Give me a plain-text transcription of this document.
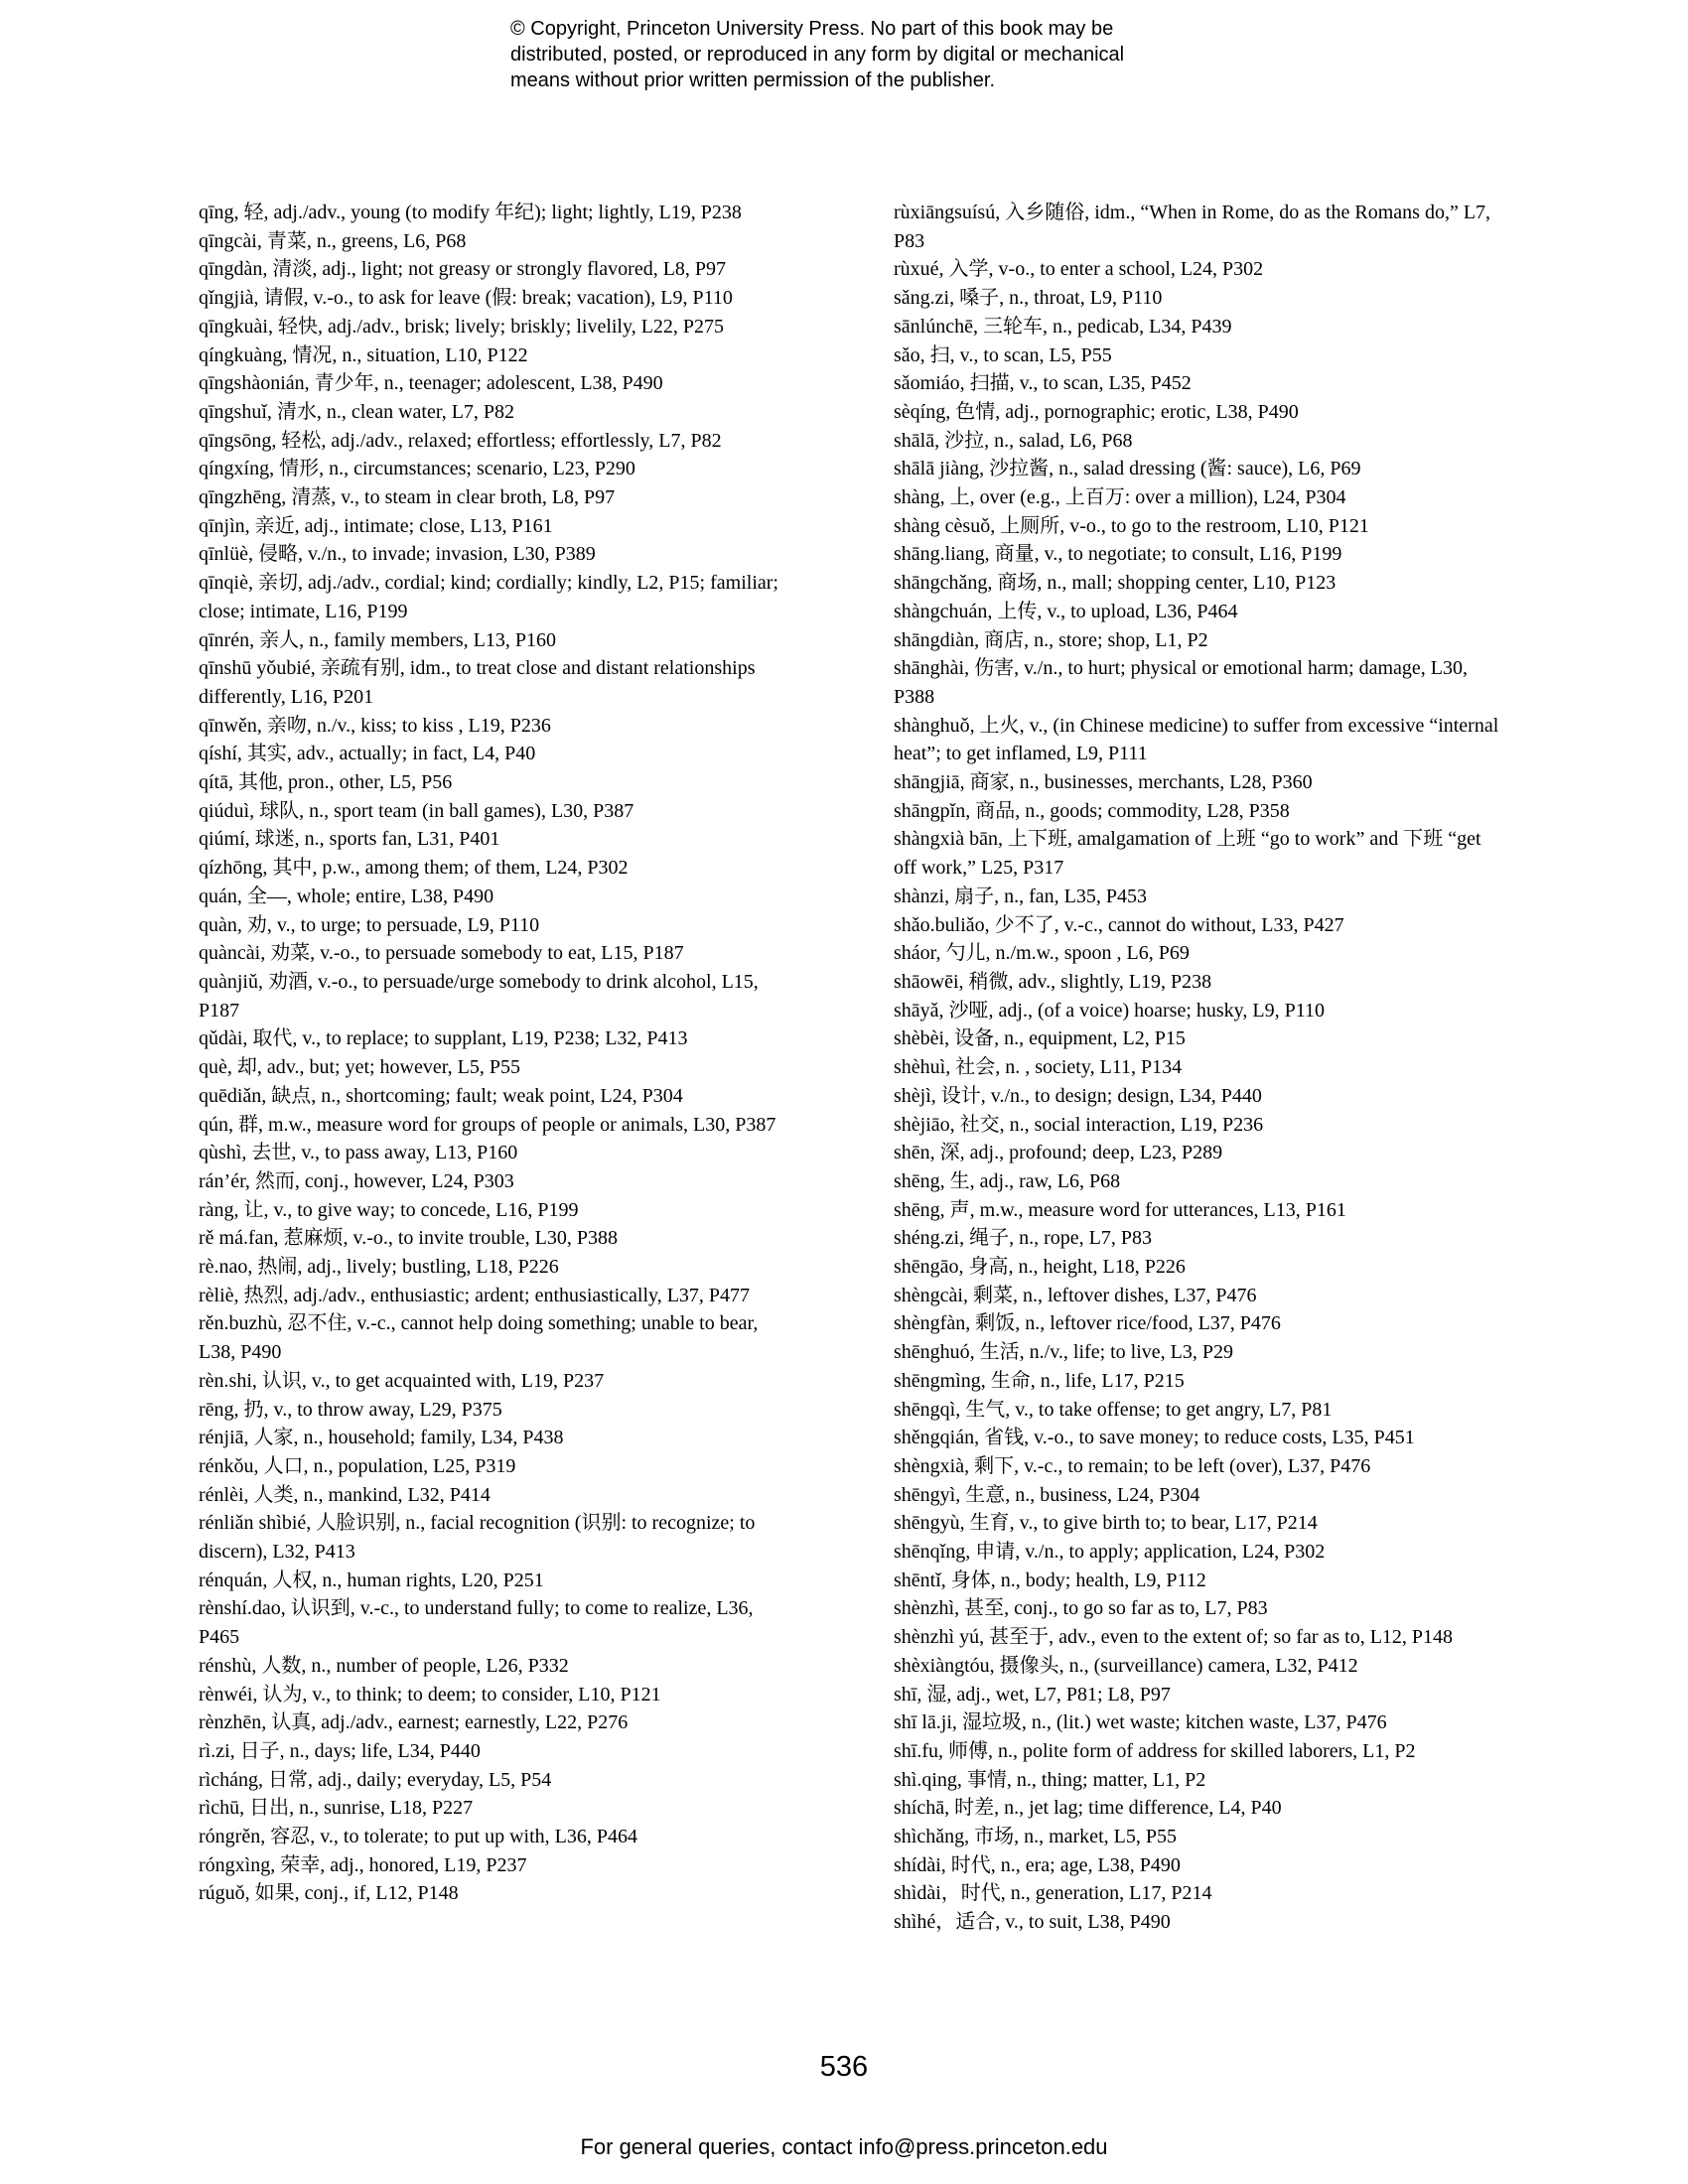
© Copyright, Princeton University Press. No part of this book may be
distributed, posted, or reproduced in any form by digital or mechanical
means without prior written permission of the publisher.

qīng, 轻, adj./adv., young (to modify 年纪); light; lightly, L19, P238

qīngcài, 青菜, n., greens, L6, P68

qīngdàn, 清淡, adj., light; not greasy or strongly flavored, L8, P97

qǐngjià, 请假, v.-o., to ask for leave (假: break; vacation), L9, P110

qīngkuài, 轻快, adj./adv., brisk; lively; briskly; livelily, L22, P275

qíngkuàng, 情况, n., situation, L10, P122

qīngshàonián, 青少年, n., teenager; adolescent, L38, P490

qīngshuǐ, 清水, n., clean water, L7, P82

qīngsōng, 轻松, adj./adv., relaxed; effortless; effortlessly, L7, P82

qíngxíng, 情形, n., circumstances; scenario, L23, P290

qīngzhēng, 清蒸, v., to steam in clear broth, L8, P97

qīnjìn, 亲近, adj., intimate; close, L13, P161

qīnlüè, 侵略, v./n., to invade; invasion, L30, P389

qīnqiè, 亲切, adj./adv., cordial; kind; cordially; kindly, L2, P15; familiar; close; intimate, L16, P199

qīnrén, 亲人, n., family members, L13, P160

qīnshū yǒubié, 亲疏有别, idm., to treat close and distant relationships differently, L16, P201

qīnwěn, 亲吻, n./v., kiss; to kiss , L19, P236

qíshí, 其实, adv., actually; in fact, L4, P40

qítā, 其他, pron., other, L5, P56

qiúduì, 球队, n., sport team (in ball games), L30, P387

qiúmí, 球迷, n., sports fan, L31, P401

qízhōng, 其中, p.w., among them; of them, L24, P302

quán, 全—, whole; entire, L38, P490

quàn, 劝, v., to urge; to persuade, L9, P110

quàncài, 劝菜, v.-o., to persuade somebody to eat, L15, P187

quànjiǔ, 劝酒, v.-o., to persuade/urge somebody to drink alcohol, L15, P187

qǔdài, 取代, v., to replace; to supplant, L19, P238; L32, P413

què, 却, adv., but; yet; however, L5, P55

quēdiǎn, 缺点, n., shortcoming; fault; weak point, L24, P304

qún, 群, m.w., measure word for groups of people or animals, L30, P387

qùshì, 去世, v., to pass away, L13, P160

rán’ér, 然而, conj., however, L24, P303

ràng, 让, v., to give way; to concede, L16, P199

rě má.fan, 惹麻烦, v.-o., to invite trouble, L30, P388

rè.nao, 热闹, adj., lively; bustling, L18, P226

rèliè, 热烈, adj./adv., enthusiastic; ardent; enthusiastically, L37, P477

rěn.buzhù, 忍不住, v.-c., cannot help doing something; unable to bear, L38, P490

rèn.shi, 认识, v., to get acquainted with, L19, P237

rēng, 扔, v., to throw away, L29, P375

rénjiā, 人家, n., household; family, L34, P438

rénkǒu, 人口, n., population, L25, P319

rénlèi, 人类, n., mankind, L32, P414

rénliǎn shìbié, 人脸识别, n., facial recognition (识别: to recognize; to discern), L32, P413

rénquán, 人权, n., human rights, L20, P251

rènshí.dao, 认识到, v.-c., to understand fully; to come to realize, L36, P465

rénshù, 人数, n., number of people, L26, P332

rènwéi, 认为, v., to think; to deem; to consider, L10, P121

rènzhēn, 认真, adj./adv., earnest; earnestly, L22, P276

rì.zi, 日子, n., days; life, L34, P440

rìcháng, 日常, adj., daily; everyday, L5, P54

rìchū, 日出, n., sunrise, L18, P227

róngrěn, 容忍, v., to tolerate; to put up with, L36, P464

róngxìng, 荣幸, adj., honored, L19, P237

rúguǒ, 如果, conj., if, L12, P148

rùxiāngsuísú, 入乡随俗, idm., “When in Rome, do as the Romans do,” L7, P83

rùxué, 入学, v-o., to enter a school, L24, P302

sǎng.zi, 嗓子, n., throat, L9, P110

sānlúnchē, 三轮车, n., pedicab, L34, P439

sǎo, 扫, v., to scan, L5, P55

sǎomiáo, 扫描, v., to scan, L35, P452

sèqíng, 色情, adj., pornographic; erotic, L38, P490

shālā, 沙拉, n., salad, L6, P68

shālā jiàng, 沙拉酱, n., salad dressing (酱: sauce), L6, P69

shàng, 上, over (e.g., 上百万: over a million), L24, P304

shàng cèsuǒ, 上厕所, v-o., to go to the restroom, L10, P121

shāng.liang, 商量, v., to negotiate; to consult, L16, P199

shāngchǎng, 商场, n., mall; shopping center, L10, P123

shàngchuán, 上传, v., to upload, L36, P464

shāngdiàn, 商店, n., store; shop, L1, P2

shānghài, 伤害, v./n., to hurt; physical or emotional harm; damage, L30, P388

shànghuǒ, 上火, v., (in Chinese medicine) to suffer from excessive “internal heat”; to get inflamed, L9, P111

shāngjiā, 商家, n., businesses, merchants, L28, P360

shāngpǐn, 商品, n., goods; commodity, L28, P358

shàngxià bān, 上下班, amalgamation of 上班 “go to work” and 下班 “get off work,” L25, P317

shànzi, 扇子, n., fan, L35, P453

shǎo.buliǎo, 少不了, v.-c., cannot do without, L33, P427

sháor, 勺儿, n./m.w., spoon , L6, P69

shāowēi, 稍微, adv., slightly, L19, P238

shāyǎ, 沙哑, adj., (of a voice) hoarse; husky, L9, P110

shèbèi, 设备, n., equipment, L2, P15

shèhuì, 社会, n. , society, L11, P134

shèjì, 设计, v./n., to design; design, L34, P440

shèjiāo, 社交, n., social interaction, L19, P236

shēn, 深, adj., profound; deep, L23, P289

shēng, 生, adj., raw, L6, P68

shēng, 声, m.w., measure word for utterances, L13, P161

shéng.zi, 绳子, n., rope, L7, P83

shēngāo, 身高, n., height, L18, P226

shèngcài, 剩菜, n., leftover dishes, L37, P476

shèngfàn, 剩饭, n., leftover rice/food, L37, P476

shēnghuó, 生活, n./v., life; to live, L3, P29

shēngmìng, 生命, n., life, L17, P215

shēngqì, 生气, v., to take offense; to get angry, L7, P81

shěngqián, 省钱, v.-o., to save money; to reduce costs, L35, P451

shèngxià, 剩下, v.-c., to remain; to be left (over), L37, P476

shēngyì, 生意, n., business, L24, P304

shēngyù, 生育, v., to give birth to; to bear, L17, P214

shēnqǐng, 申请, v./n., to apply; application, L24, P302

shēntǐ, 身体, n., body; health, L9, P112

shènzhì, 甚至, conj., to go so far as to, L7, P83

shènzhì yú, 甚至于, adv., even to the extent of; so far as to, L12, P148

shèxiàngtóu, 摄像头, n., (surveillance) camera, L32, P412

shī, 湿, adj., wet, L7, P81; L8, P97

shī lā.ji, 湿垃圾, n., (lit.) wet waste; kitchen waste, L37, P476

shī.fu, 师傅, n., polite form of address for skilled laborers, L1, P2

shì.qing, 事情, n., thing; matter, L1, P2

shíchā, 时差, n., jet lag; time difference, L4, P40

shìchǎng, 市场, n., market, L5, P55

shídài, 时代, n., era; age, L38, P490

shìdài，时代, n., generation, L17, P214

shìhé，适合, v., to suit, L38, P490

536
For general queries, contact info@press.princeton.edu
